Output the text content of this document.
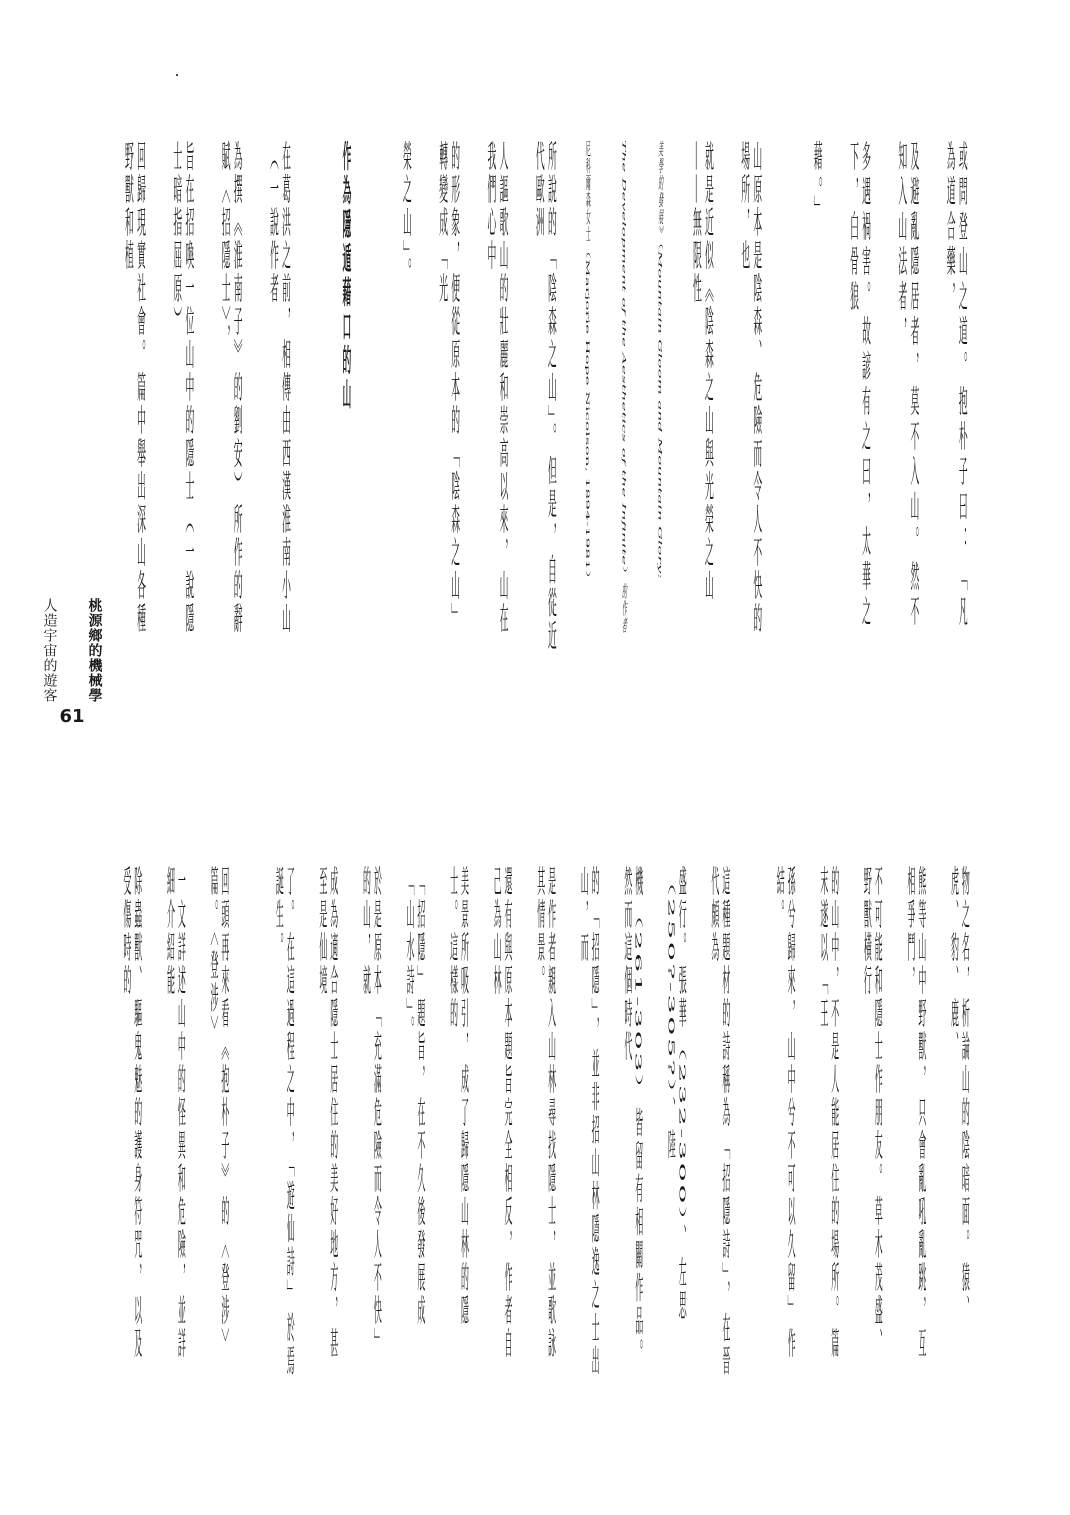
或問登山之道。抱朴子曰：「凡為道合藥，

及避亂隱居者，莫不入山。然不知入山法者，

多遇禍害。故諺有之曰，太華之下，白骨狼

藉。」

山原本是陰森、危險而令人不快的場所，也

就是近似《陰森之山與光榮之山——無限性

美學的發展》（Mountain Gloom and Mountain Glory:

The Development of the Aesthetics of the Infinite）的作者

尼科爾森女士（Marjorie Hope Nicolson, 1894-1981）

所說的「陰森之山」。但是，自從近代歐洲

人謳歌山的壯麗和崇高以來，山在我們心中

的形象，便從原本的「陰森之山」轉變成「光

榮之山」。

作為隱遁藉口的山

在葛洪之前，相傳由西漢淮南小山（一說作者

為撰《淮南子》的劉安）所作的辭賦〈招隱士〉，

旨在招喚一位山中的隱士（一說隱士暗指屈原）

回歸現實社會。篇中舉出深山各種野獸和植

物之名，析論山的陰暗面。猿、虎、豹、鹿、

熊等山中野獸，只會亂吼亂跳，互相爭鬥，

不可能和隱士作朋友。草木茂盛、野獸橫行

的山中，不是人能居住的場所。篇末遂以「王

孫兮歸來，山中兮不可以久留」作結。

這種題材的詩稱為「招隱詩」，在晉代頗為

盛行。張華（232-300）、左思（250?-305?）、陸

機（261-303）皆留有相關作品。然而這個時代

的「招隱」，並非招山林隱逸之士出山，而

是作者親入山林尋找隱士，並歌詠其情景。

還有與原本題旨完全相反，作者自己為山林

美景所吸引，成了歸隱山林的隱士。這樣的

「招隱」題旨，在不久後發展成「山水詩」。

於是原本「充滿危險而令人不快」的山，就

成為適合隱士居住的美好地方，甚至是仙境

了。在這過程之中，「遊仙詩」於焉誕生。

回頭再來看《抱朴子》的〈登涉〉篇。〈登涉〉

一文詳述山中的怪異和危險，並詳細介紹能

除蟲獸、驅鬼魅的護身符咒，以及受傷時的

桃源鄉的機械學
61
人造宇宙的遊客
